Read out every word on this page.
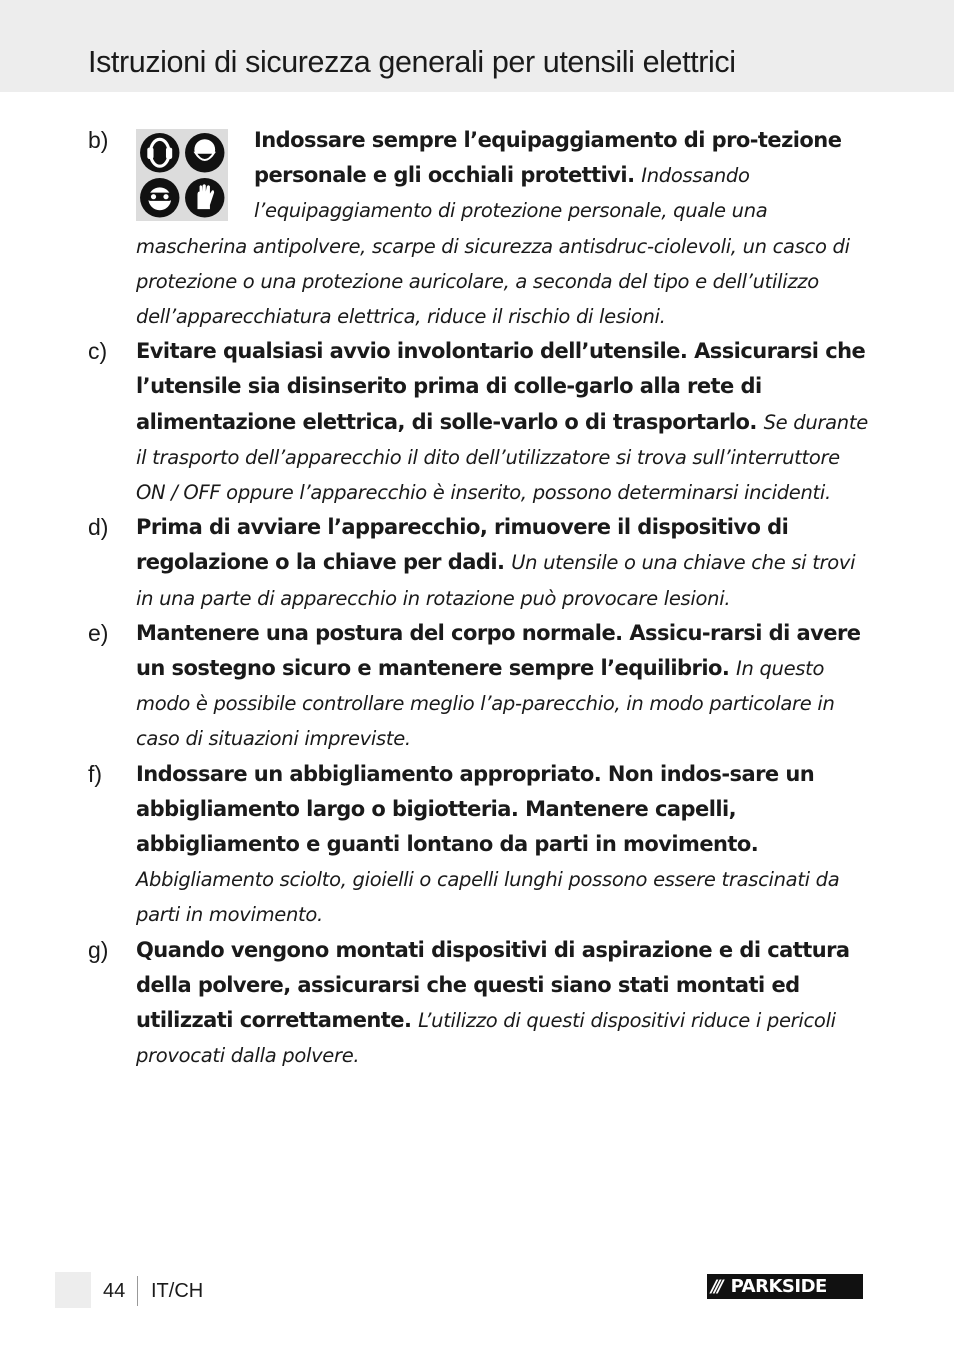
Istruzioni di sicurezza generali per utensili elettrici
b)	Indossare sempre l’equipaggiamento di pro-tezione personale e gli occhiali protettivi. Indossando l’equipaggiamento di protezione personale, quale una mascherina antipolvere, scarpe di sicurezza antisdruc-ciolevoli, un casco di protezione o una protezione auricolare, a seconda del tipo e dell’utilizzo dell’apparecchiatura elettrica, riduce il rischio di lesioni.
c)	Evitare qualsiasi avvio involontario dell’utensile. Assicurarsi che l’utensile sia disinserito prima di colle-garlo alla rete di alimentazione elettrica, di solle-varlo o di trasportarlo. Se durante il trasporto dell’apparecchio il dito dell’utilizzatore si trova sull’interruttore ON / OFF oppure l’apparecchio è inserito, possono determinarsi incidenti.
d)	Prima di avviare l’apparecchio, rimuovere il dispositivo di regolazione o la chiave per dadi. Un utensile o una chiave che si trovi in una parte di apparecchio in rotazione può provocare lesioni.
e)	Mantenere una postura del corpo normale. Assicu-rarsi di avere un sostegno sicuro e mantenere sempre l’equilibrio. In questo modo è possibile controllare meglio l’ap-parecchio, in modo particolare in caso di situazioni impreviste.
f)	Indossare un abbigliamento appropriato. Non indos-sare un abbigliamento largo o bigiotteria. Mantenere capelli, abbigliamento e guanti lontano da parti in movimento. Abbigliamento sciolto, gioielli o capelli lunghi possono essere trascinati da parti in movimento.
g)	Quando vengono montati dispositivi di aspirazione e di cattura della polvere, assicurarsi che questi siano stati montati ed utilizzati correttamente. L’utilizzo di questi dispositivi riduce i pericoli provocati dalla polvere.
44 IT/CH	/// PARKSIDE
